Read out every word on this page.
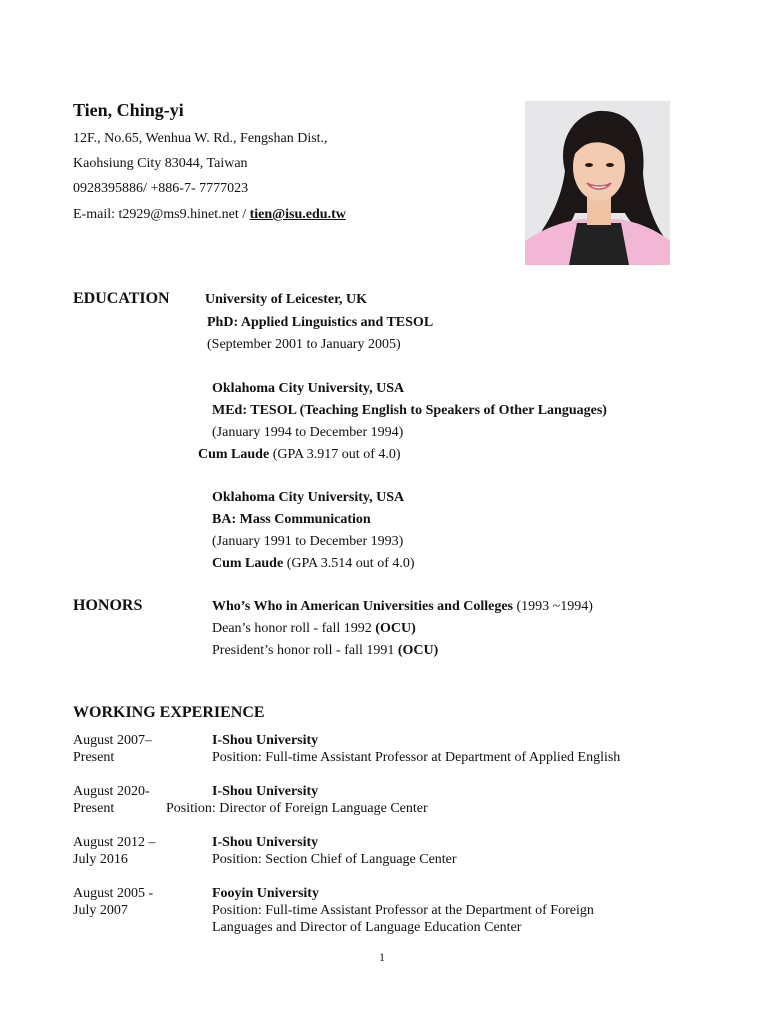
Tien, Ching-yi
12F., No.65, Wenhua W. Rd., Fengshan Dist.,
Kaohsiung City 83044, Taiwan
0928395886/ +886-7- 7777023
E-mail: t2929@ms9.hinet.net / tien@isu.edu.tw
EDUCATION	University of Leicester, UK
PhD: Applied Linguistics and TESOL
(September 2001 to January 2005)
Oklahoma City University, USA
MEd: TESOL (Teaching English to Speakers of Other Languages)
(January 1994 to December 1994)
Cum Laude (GPA 3.917 out of 4.0)
Oklahoma City University, USA
BA: Mass Communication
(January 1991 to December 1993)
Cum Laude (GPA 3.514 out of 4.0)
HONORS	Who’s Who in American Universities and Colleges (1993 ~1994)
Dean’s honor roll - fall 1992 (OCU)
President’s honor roll - fall 1991 (OCU)
WORKING EXPERIENCE
August 2007–
Present
I-Shou University
Position: Full-time Assistant Professor at Department of Applied English
August 2020-
Present
I-Shou University
Position: Director of Foreign Language Center
August 2012 –
July 2016
I-Shou University
Position: Section Chief of Language Center
August 2005 -
July 2007
Fooyin University
Position: Full-time Assistant Professor at the Department of Foreign
Languages and Director of Language Education Center
1
